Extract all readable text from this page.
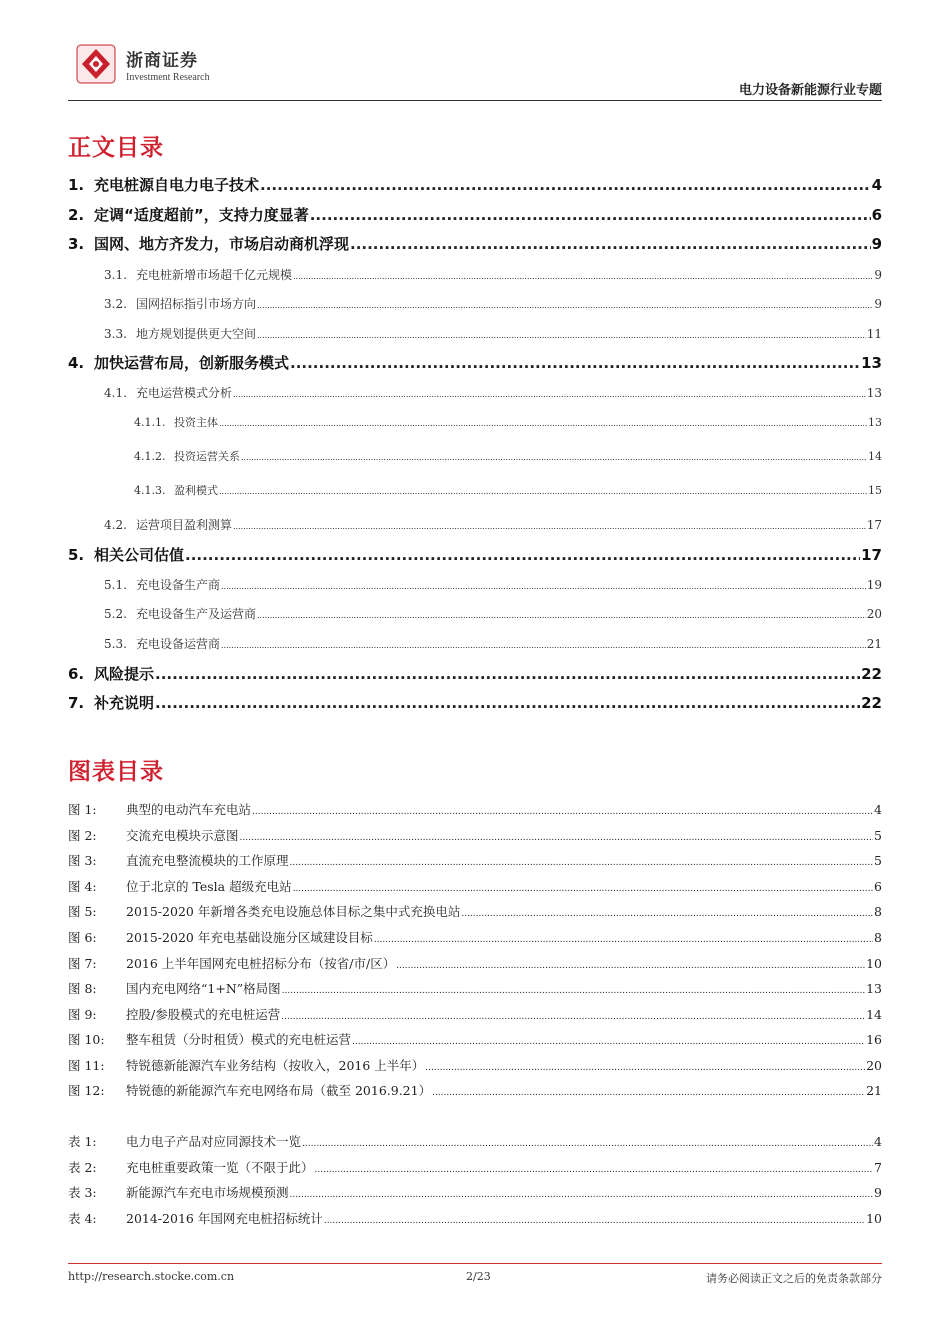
浙商证券
Investment Research
电力设备新能源行业专题
正文目录
1. 充电桩源自电力电子技术 .....	4
2. 定调“适度超前”，支持力度显著 .....	6
3. 国网、地方齐发力，市场启动商机浮现 .....	9
3.1. 充电桩新增市场超千亿元规模 .....	9
3.2. 国网招标指引市场方向 .....	9
3.3. 地方规划提供更大空间 .....	11
4. 加快运营布局，创新服务模式 .....	13
4.1. 充电运营模式分析 .....	13
4.1.1. 投资主体 .....	13
4.1.2. 投资运营关系 .....	14
4.1.3. 盈利模式 .....	15
4.2. 运营项目盈利测算 .....	17
5. 相关公司估值 .....	17
5.1. 充电设备生产商 .....	19
5.2. 充电设备生产及运营商 .....	20
5.3. 充电设备运营商 .....	21
6. 风险提示 .....	22
7. 补充说明 .....	22
图表目录
图 1: 典型的电动汽车充电站 .....	4
图 2: 交流充电模块示意图 .....	5
图 3: 直流充电整流模块的工作原理 .....	5
图 4: 位于北京的 Tesla 超级充电站 .....	6
图 5: 2015-2020 年新增各类充电设施总体目标之集中式充换电站 .....	8
图 6: 2015-2020 年充电基础设施分区域建设目标 .....	8
图 7: 2016 上半年国网充电桩招标分布（按省/市/区） .....	10
图 8: 国内充电网络“1+N”格局图 .....	13
图 9: 控股/参股模式的充电桩运营 .....	14
图 10: 整车租赁（分时租赁）模式的充电桩运营 .....	16
图 11: 特锐德新能源汽车业务结构（按收入，2016 上半年） .....	20
图 12: 特锐德的新能源汽车充电网络布局（截至 2016.9.21） .....	21
表 1: 电力电子产品对应同源技术一览 .....	4
表 2: 充电桩重要政策一览（不限于此） .....	7
表 3: 新能源汽车充电市场规模预测 .....	9
表 4: 2014-2016 年国网充电桩招标统计 .....	10
http://research.stocke.com.cn	2/23	请务必阅读正文之后的免责条款部分
